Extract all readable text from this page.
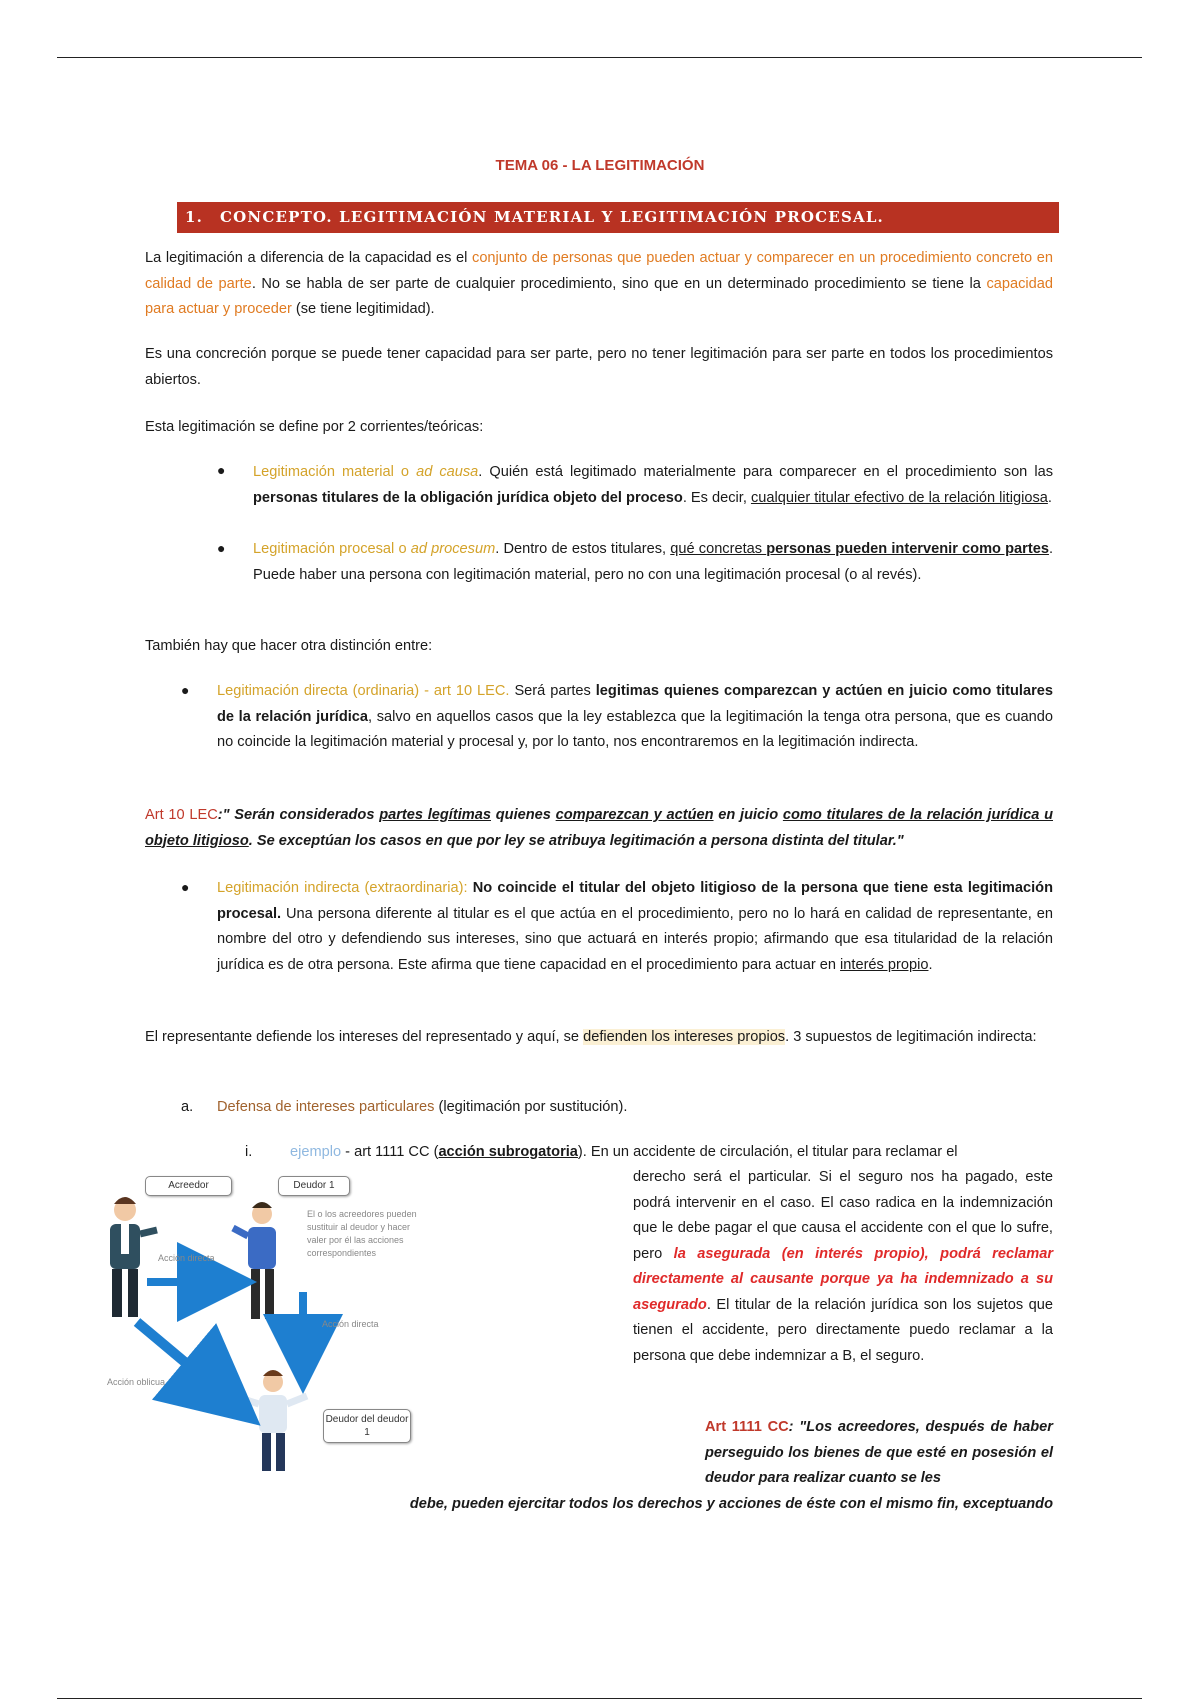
TEMA 06 - LA LEGITIMACIÓN
1. CONCEPTO. LEGITIMACIÓN MATERIAL Y LEGITIMACIÓN PROCESAL.
La legitimación a diferencia de la capacidad es el conjunto de personas que pueden actuar y comparecer en un procedimiento concreto en calidad de parte. No se habla de ser parte de cualquier procedimiento, sino que en un determinado procedimiento se tiene la capacidad para actuar y proceder (se tiene legitimidad).
Es una concreción porque se puede tener capacidad para ser parte, pero no tener legitimación para ser parte en todos los procedimientos abiertos.
Esta legitimación se define por 2 corrientes/teóricas:
● Legitimación material o ad causa. Quién está legitimado materialmente para comparecer en el procedimiento son las personas titulares de la obligación jurídica objeto del proceso. Es decir, cualquier titular efectivo de la relación litigiosa.
● Legitimación procesal o ad procesum. Dentro de estos titulares, qué concretas personas pueden intervenir como partes. Puede haber una persona con legitimación material, pero no con una legitimación procesal (o al revés).
También hay que hacer otra distinción entre:
● Legitimación directa (ordinaria) - art 10 LEC. Será partes legitimas quienes comparezcan y actúen en juicio como titulares de la relación jurídica, salvo en aquellos casos que la ley establezca que la legitimación la tenga otra persona, que es cuando no coincide la legitimación material y procesal y, por lo tanto, nos encontraremos en la legitimación indirecta.
Art 10 LEC:" Serán considerados partes legítimas quienes comparezcan y actúen en juicio como titulares de la relación jurídica u objeto litigioso. Se exceptúan los casos en que por ley se atribuya legitimación a persona distinta del titular."
● Legitimación indirecta (extraordinaria): No coincide el titular del objeto litigioso de la persona que tiene esta legitimación procesal. Una persona diferente al titular es el que actúa en el procedimiento, pero no lo hará en calidad de representante, en nombre del otro y defendiendo sus intereses, sino que actuará en interés propio; afirmando que esa titularidad de la relación jurídica es de otra persona. Este afirma que tiene capacidad en el procedimiento para actuar en interés propio.
El representante defiende los intereses del representado y aquí, se defienden los intereses propios. 3 supuestos de legitimación indirecta:
a.	Defensa de intereses particulares (legitimación por sustitución).
i.	ejemplo - art 1111 CC (acción subrogatoria). En un accidente de circulación, el titular para reclamar el
derecho será el particular. Si el seguro nos ha pagado, este podrá intervenir en el caso. El caso radica en la indemnización que le debe pagar el que causa el accidente con el que lo sufre, pero la asegurada (en interés propio), podrá reclamar directamente al causante porque ya ha indemnizado a su asegurado. El titular de la relación jurídica son los sujetos que tienen el accidente, pero directamente puedo reclamar a la persona que debe indemnizar a B, el seguro.
Art 1111 CC: "Los acreedores, después de haber perseguido los bienes de que esté en posesión el deudor para realizar cuanto se les
debe, pueden ejercitar todos los derechos y acciones de éste con el mismo fin, exceptuando
Acreedor	Deudor 1
Deudor del deudor 1
El o los acreedores pueden sustituir al deudor y hacer valer por él las acciones correspondientes
Acción directa
Acción directa
Acción oblicua
